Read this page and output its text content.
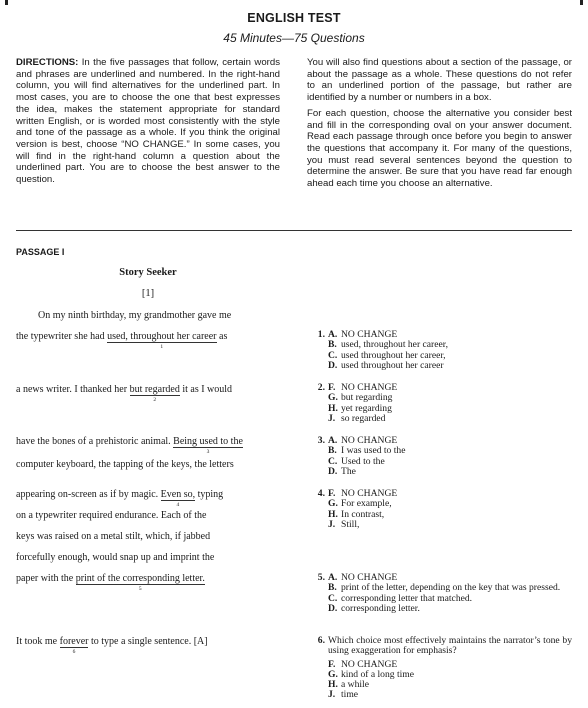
ENGLISH TEST
45 Minutes—75 Questions

DIRECTIONS: In the five passages that follow, certain words and phrases are underlined and numbered. In the right-hand column, you will find alternatives for the underlined part. In most cases, you are to choose the one that best expresses the idea, makes the statement appropriate for standard written English, or is worded most consistently with the style and tone of the passage as a whole. If you think the original version is best, choose “NO CHANGE.” In some cases, you will find in the right-hand column a question about the underlined part. You are to choose the best answer to the question.

You will also find questions about a section of the passage, or about the passage as a whole. These questions do not refer to an underlined portion of the passage, but rather are identified by a number or numbers in a box.

For each question, choose the alternative you consider best and fill in the corresponding oval on your answer document. Read each passage through once before you begin to answer the questions that accompany it. For many of the questions, you must read several sentences beyond the question to determine the answer. Be sure that you have read far enough ahead each time you choose an alternative.

PASSAGE I
Story Seeker
[1]
On my ninth birthday, my grandmother gave me
the typewriter she had used, throughout her career
1
as
a news writer. I thanked her but regarded
2
it as I would
have the bones of a prehistoric animal. Being used to the
3
computer keyboard, the tapping of the keys, the letters
appearing on-screen as if by magic. Even so,
4
typing
on a typewriter required endurance. Each of the
keys was raised on a metal stilt, which, if jabbed
forcefully enough, would snap up and imprint the
paper with the print of the corresponding letter.
5
It took me forever
6
to type a single sentence. [A]
1. A. NO CHANGE
B. used, throughout her career,
C. used throughout her career,
D. used throughout her career
2. F. NO CHANGE
G. but regarding
H. yet regarding
J. so regarded
3. A. NO CHANGE
B. I was used to the
C. Used to the
D. The
4. F. NO CHANGE
G. For example,
H. In contrast,
J. Still,
5. A. NO CHANGE
B. print of the letter, depending on the key that was pressed.
C. corresponding letter that matched.
D. corresponding letter.
6. Which choice most effectively maintains the narrator’s tone by using exaggeration for emphasis?
F. NO CHANGE
G. kind of a long time
H. a while
J. time
